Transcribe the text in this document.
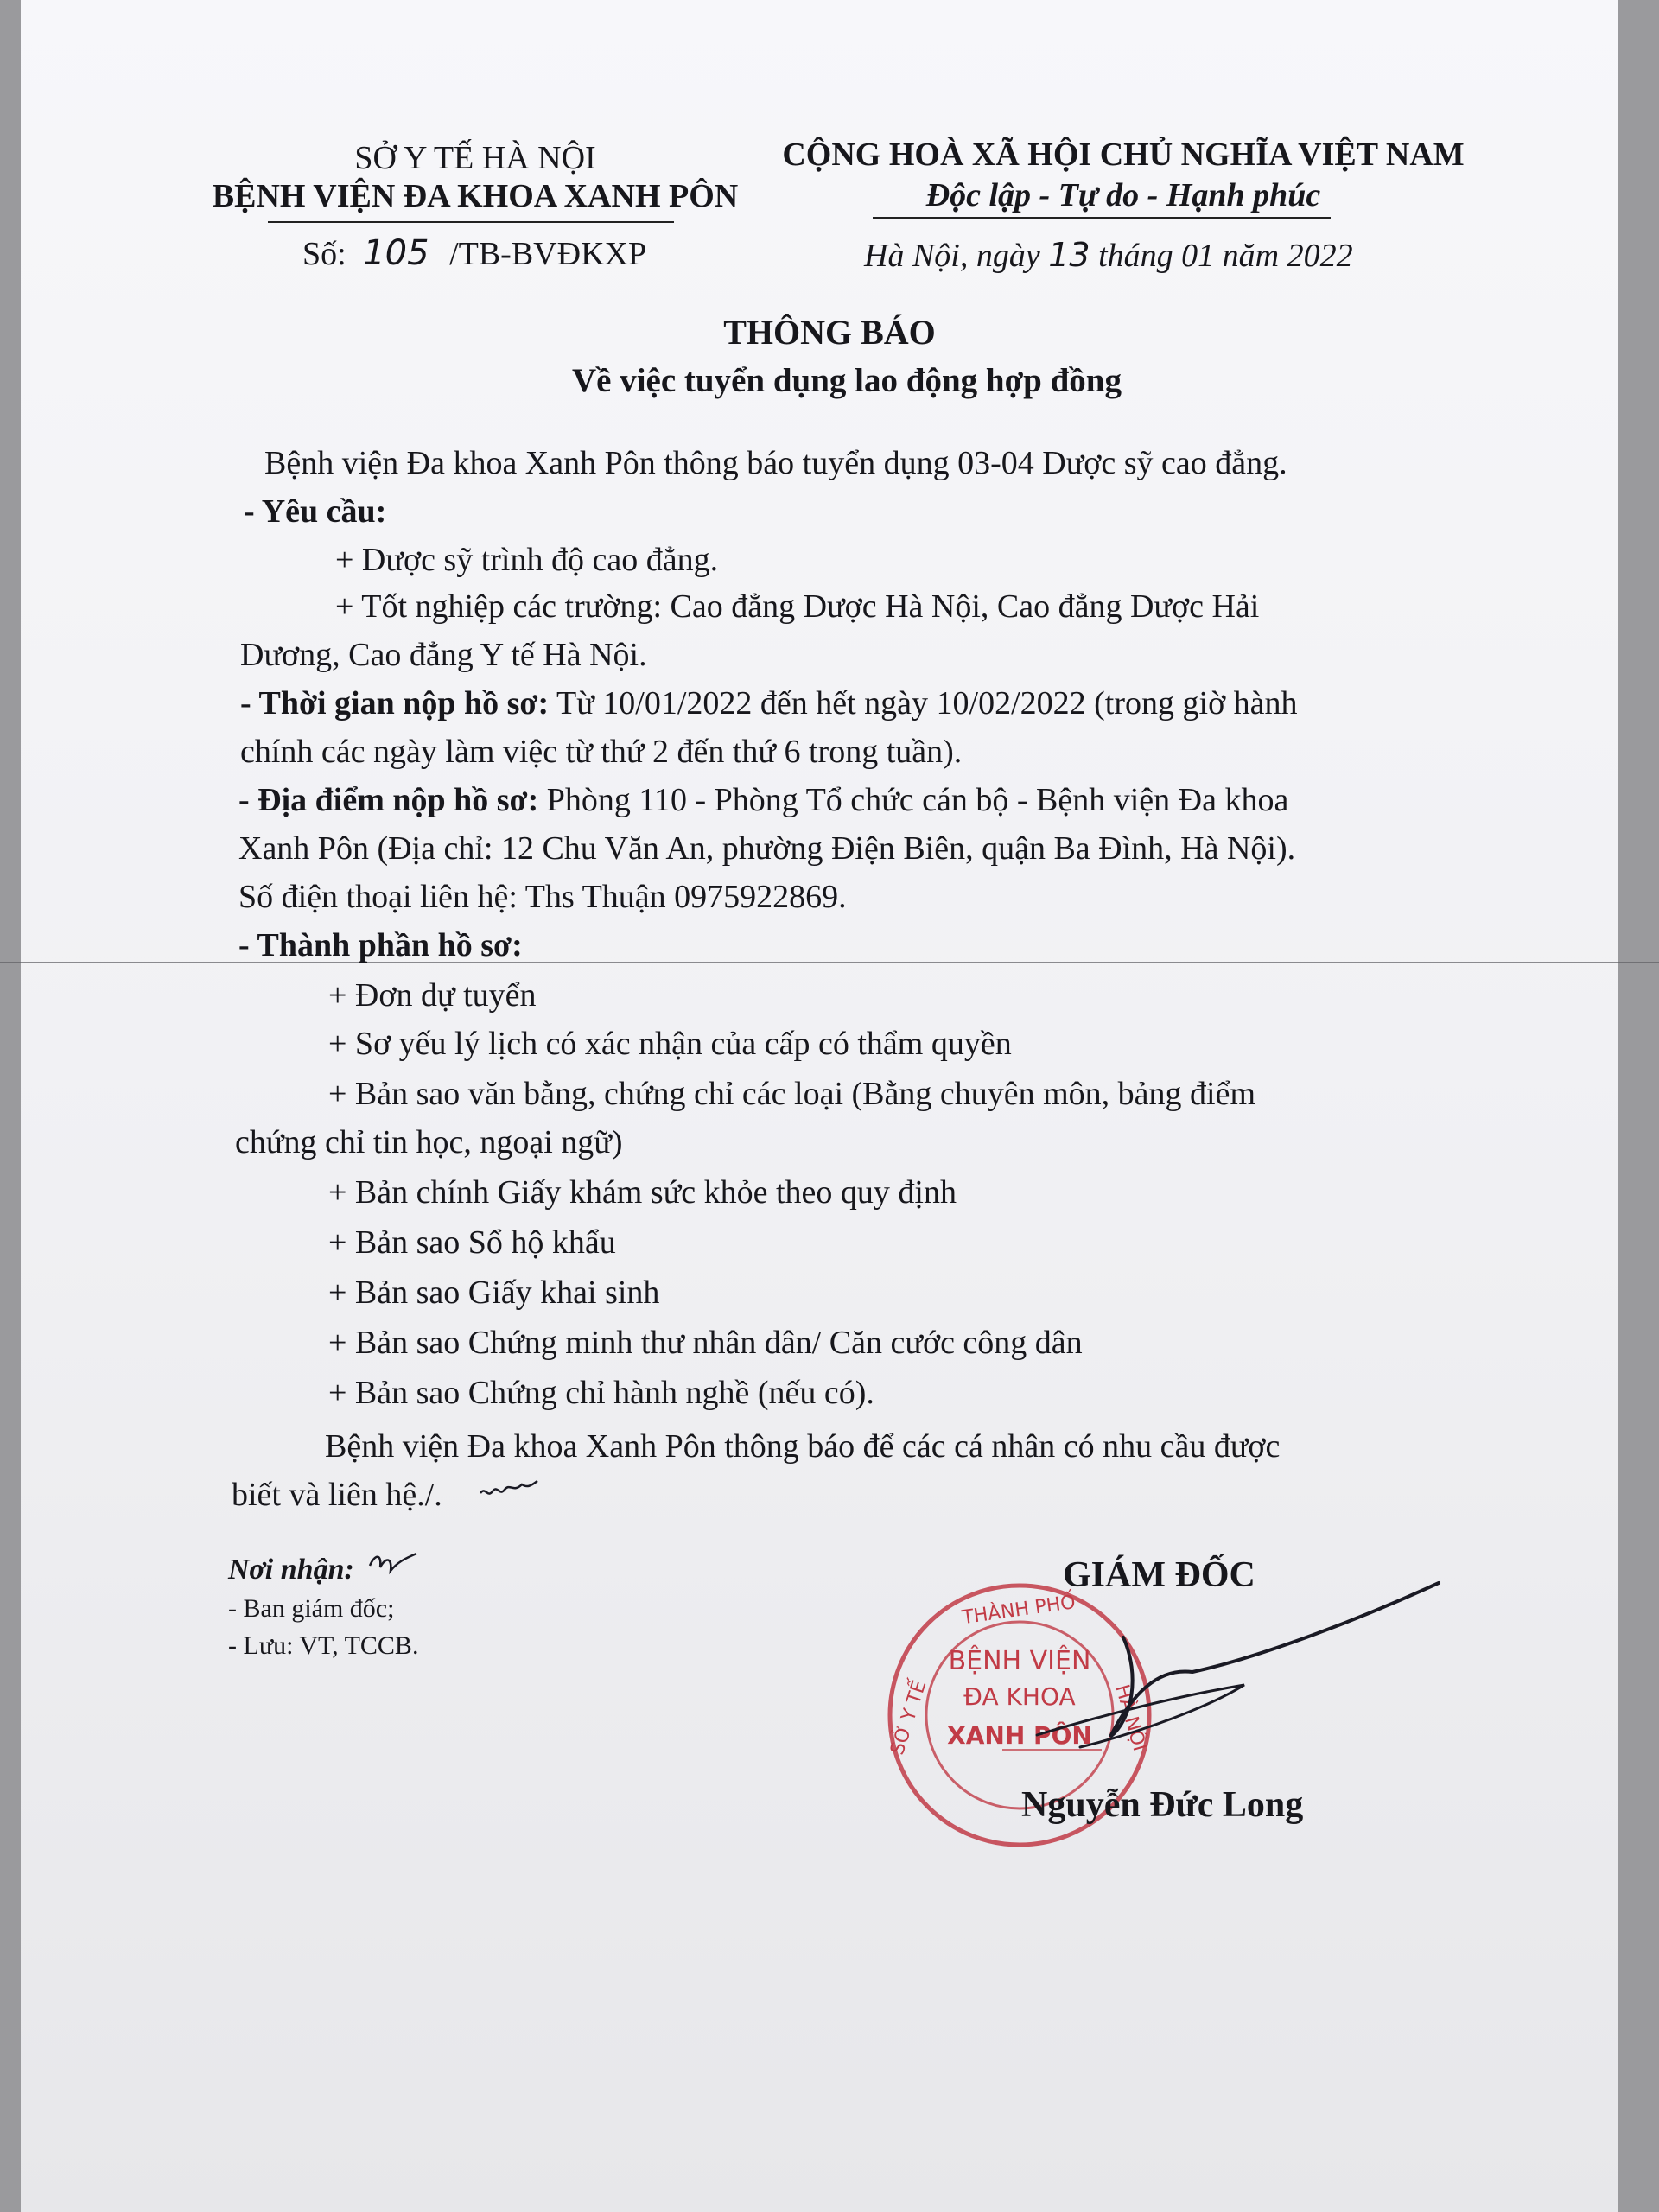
SỞ Y TẾ HÀ NỘI
BỆNH VIỆN ĐA KHOA XANH PÔN
Số: 105 /TB-BVĐKXP
CỘNG HOÀ XÃ HỘI CHỦ NGHĨA VIỆT NAM
Độc lập - Tự do - Hạnh phúc
Hà Nội, ngày 13 tháng 01 năm 2022
THÔNG BÁO
Về việc tuyển dụng lao động hợp đồng
Bệnh viện Đa khoa Xanh Pôn thông báo tuyển dụng 03-04 Dược sỹ cao đẳng.
- Yêu cầu:
+ Dược sỹ trình độ cao đẳng.
+ Tốt nghiệp các trường: Cao đẳng Dược Hà Nội, Cao đẳng Dược Hải
Dương, Cao đẳng Y tế Hà Nội.
- Thời gian nộp hồ sơ: Từ 10/01/2022 đến hết ngày 10/02/2022 (trong giờ hành
chính các ngày làm việc từ thứ 2 đến thứ 6 trong tuần).
- Địa điểm nộp hồ sơ: Phòng 110 - Phòng Tổ chức cán bộ - Bệnh viện Đa khoa
Xanh Pôn (Địa chỉ: 12 Chu Văn An, phường Điện Biên, quận Ba Đình, Hà Nội).
Số điện thoại liên hệ: Ths Thuận 0975922869.
- Thành phần hồ sơ:
+ Đơn dự tuyển
+ Sơ yếu lý lịch có xác nhận của cấp có thẩm quyền
+ Bản sao văn bằng, chứng chỉ các loại (Bằng chuyên môn, bảng điểm
chứng chỉ tin học, ngoại ngữ)
+ Bản chính Giấy khám sức khỏe theo quy định
+ Bản sao Sổ hộ khẩu
+ Bản sao Giấy khai sinh
+ Bản sao Chứng minh thư nhân dân/ Căn cước công dân
+ Bản sao Chứng chỉ hành nghề (nếu có).
Bệnh viện Đa khoa Xanh Pôn thông báo để các cá nhân có nhu cầu được
biết và liên hệ./.
Nơi nhận:
- Ban giám đốc;
- Lưu: VT, TCCB.
GIÁM ĐỐC
THÀNH PHỐ
SỞ Y TẾ	HÀ NỘI
BỆNH VIỆN
ĐA KHOA
XANH PÔN
Nguyễn Đức Long
